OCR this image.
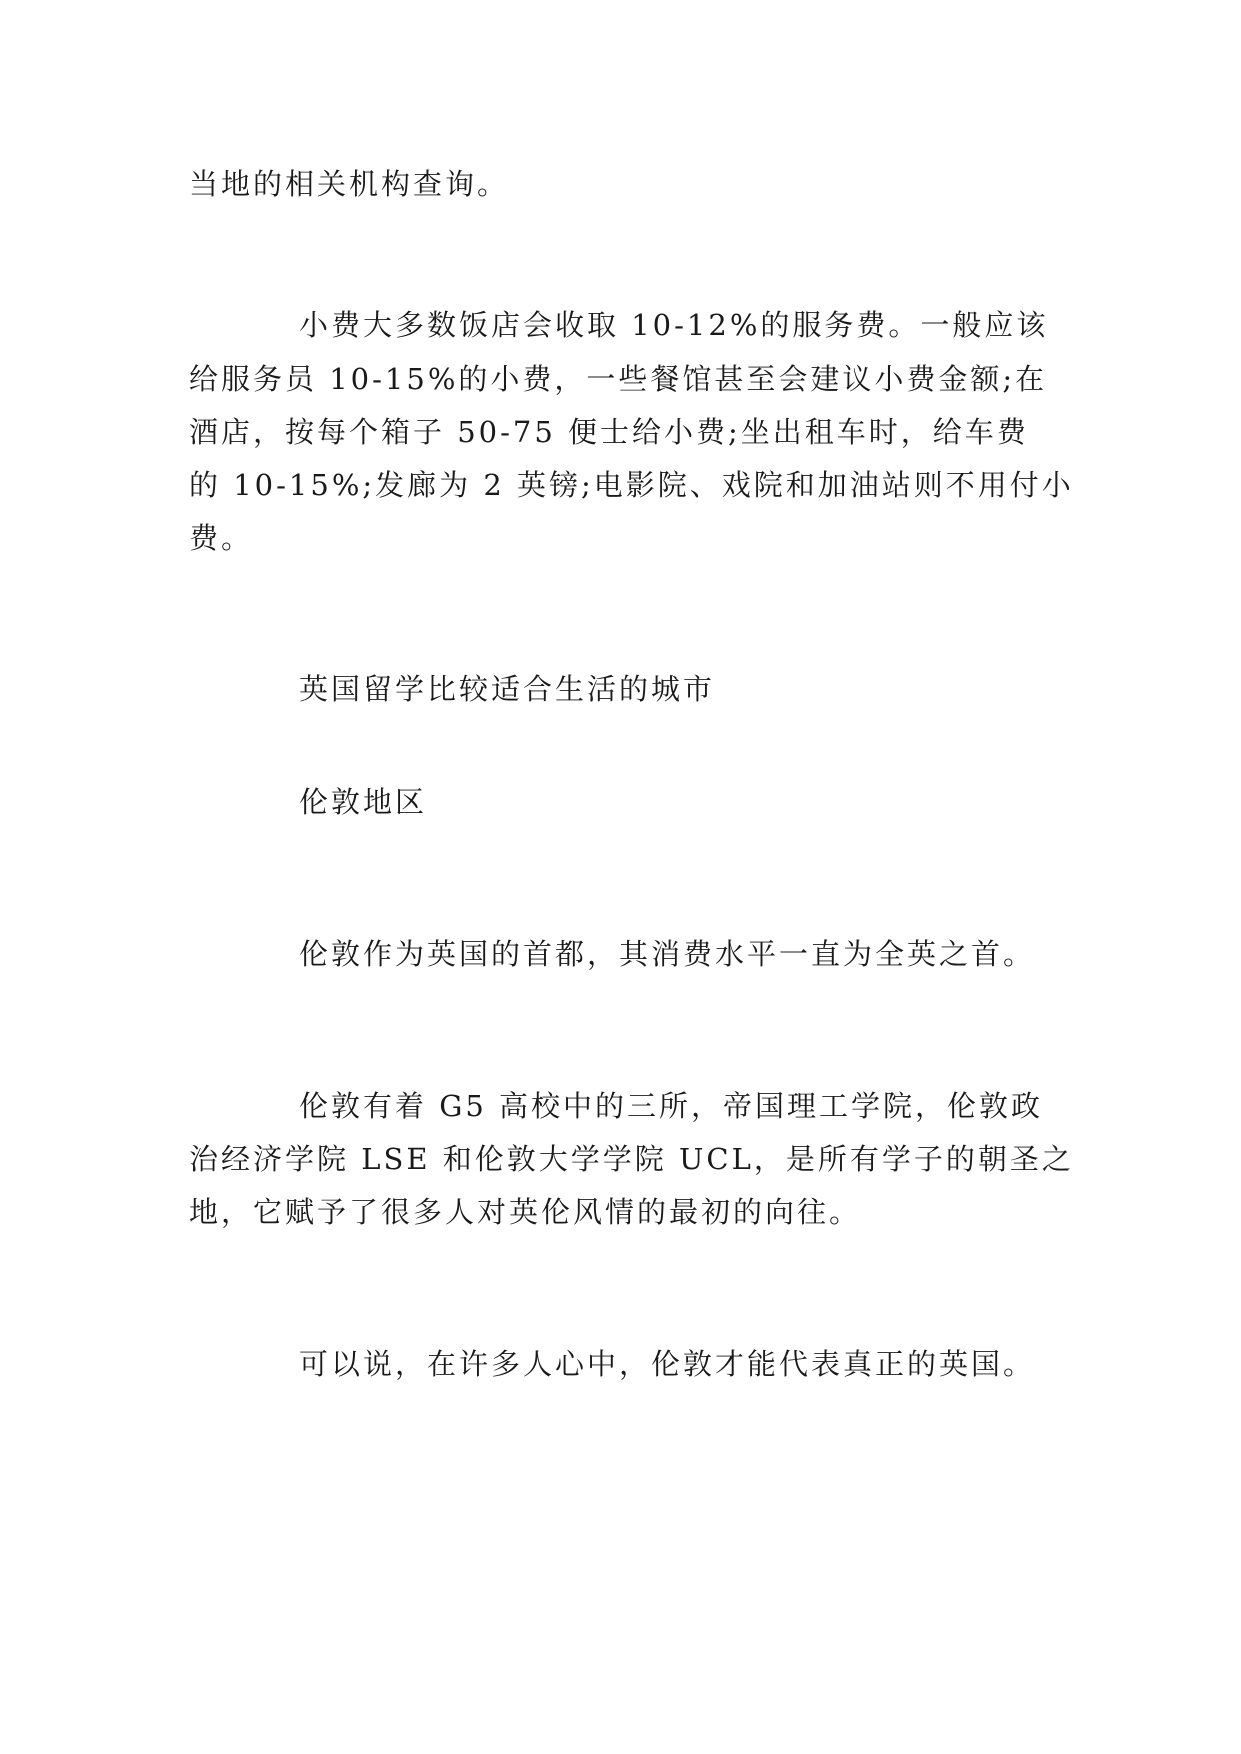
当地的相关机构查询。
小费大多数饭店会收取 10-12%的服务费。一般应该
给服务员 10-15%的小费，一些餐馆甚至会建议小费金额;在
酒店，按每个箱子 50-75 便士给小费;坐出租车时，给车费
的 10-15%;发廊为 2 英镑;电影院、戏院和加油站则不用付小
费。
英国留学比较适合生活的城市
伦敦地区
伦敦作为英国的首都，其消费水平一直为全英之首。
伦敦有着 G5 高校中的三所，帝国理工学院，伦敦政
治经济学院 LSE 和伦敦大学学院 UCL，是所有学子的朝圣之
地，它赋予了很多人对英伦风情的最初的向往。
可以说，在许多人心中，伦敦才能代表真正的英国。
